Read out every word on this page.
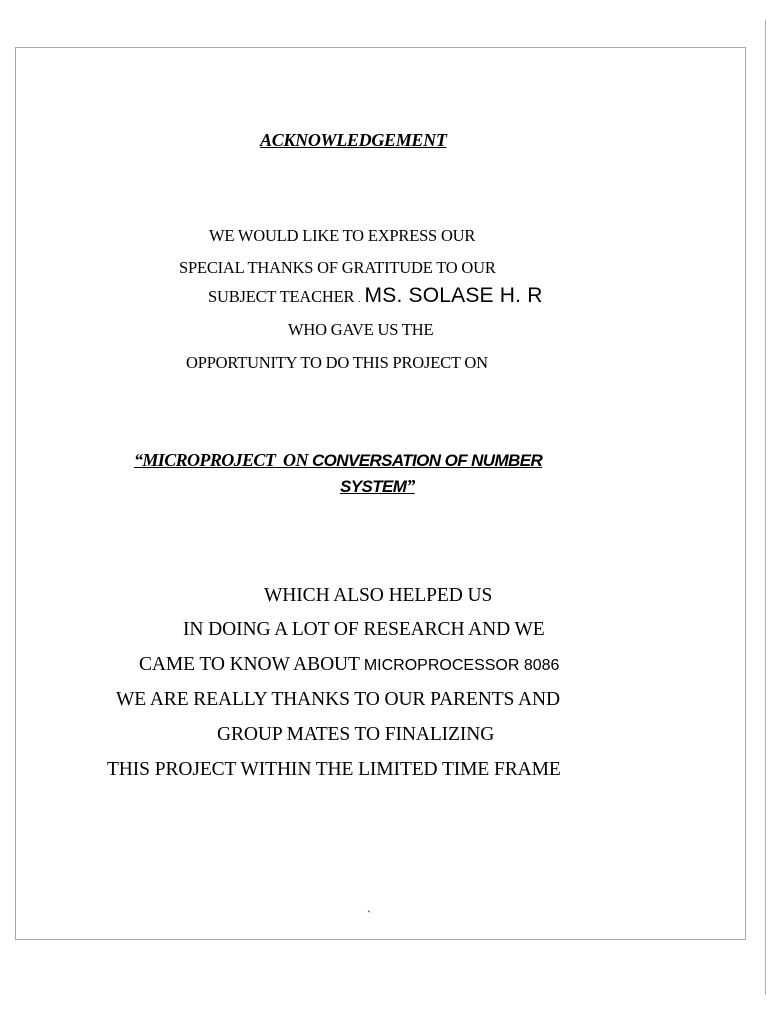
ACKNOWLEDGEMENT
WE WOULD LIKE TO EXPRESS OUR
SPECIAL THANKS OF GRATITUDE TO OUR
SUBJECT TEACHER . MS. SOLASE H. R
WHO GAVE US THE
OPPORTUNITY TO DO THIS PROJECT ON
“MICROPROJECT ON CONVERSATION OF NUMBER
SYSTEM”
WHICH ALSO HELPED US
IN DOING A LOT OF RESEARCH AND WE
CAME TO KNOW ABOUT MICROPROCESSOR 8086
WE ARE REALLY THANKS TO OUR PARENTS AND
GROUP MATES TO FINALIZING
THIS PROJECT WITHIN THE LIMITED TIME FRAME
`
